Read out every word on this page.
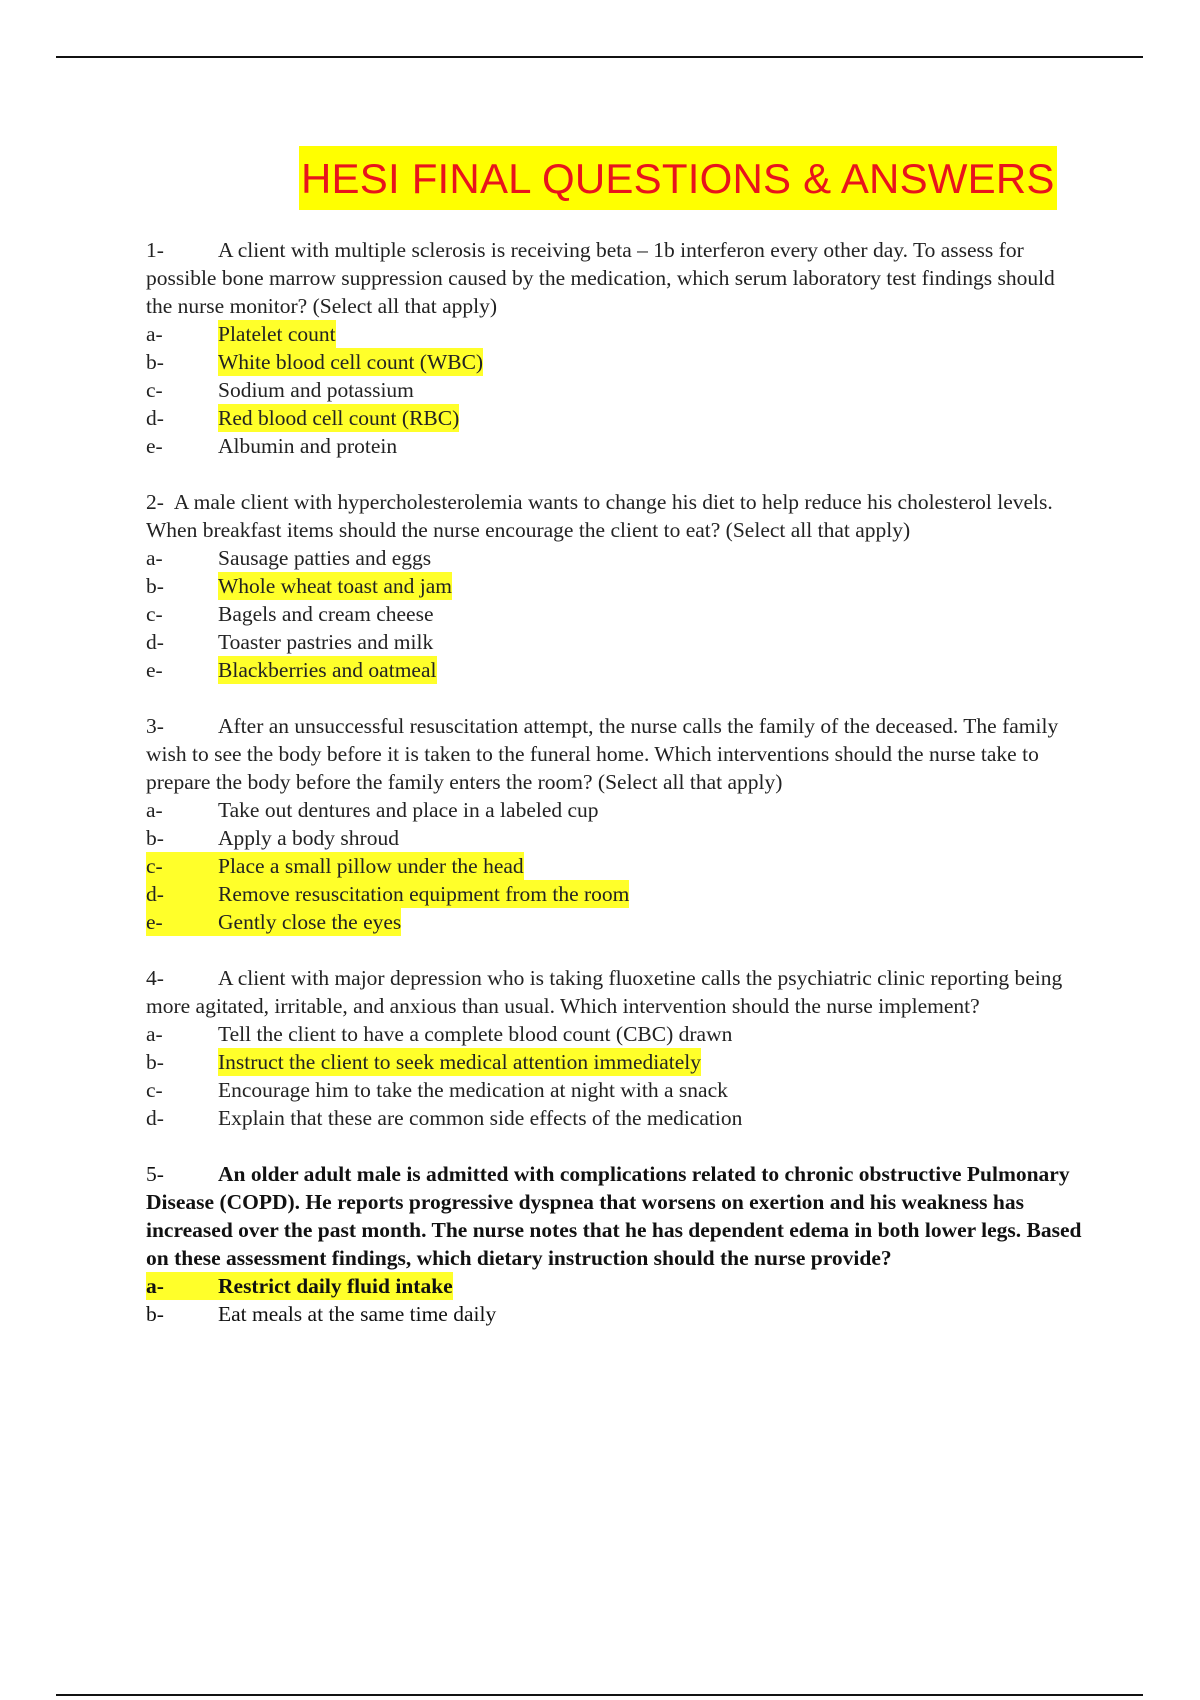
HESI FINAL QUESTIONS & ANSWERS
1-	A client with multiple sclerosis is receiving beta – 1b interferon every other day. To assess for possible bone marrow suppression caused by the medication, which serum laboratory test findings should the nurse monitor? (Select all that apply)
a-	Platelet count
b-	White blood cell count (WBC)
c-	Sodium and potassium
d-	Red blood cell count (RBC)
e-	Albumin and protein
2- A male client with hypercholesterolemia wants to change his diet to help reduce his cholesterol levels. When breakfast items should the nurse encourage the client to eat? (Select all that apply)
a-	Sausage patties and eggs
b-	Whole wheat toast and jam
c-	Bagels and cream cheese
d-	Toaster pastries and milk
e-	Blackberries and oatmeal
3-	After an unsuccessful resuscitation attempt, the nurse calls the family of the deceased. The family wish to see the body before it is taken to the funeral home. Which interventions should the nurse take to prepare the body before the family enters the room? (Select all that apply)
a-	Take out dentures and place in a labeled cup
b-	Apply a body shroud
c-	Place a small pillow under the head
d-	Remove resuscitation equipment from the room
e-	Gently close the eyes
4-	A client with major depression who is taking fluoxetine calls the psychiatric clinic reporting being more agitated, irritable, and anxious than usual. Which intervention should the nurse implement?
a-	Tell the client to have a complete blood count (CBC) drawn
b-	Instruct the client to seek medical attention immediately
c-	Encourage him to take the medication at night with a snack
d-	Explain that these are common side effects of the medication
5-	An older adult male is admitted with complications related to chronic obstructive Pulmonary Disease (COPD). He reports progressive dyspnea that worsens on exertion and his weakness has increased over the past month. The nurse notes that he has dependent edema in both lower legs. Based on these assessment findings, which dietary instruction should the nurse provide?
a-	Restrict daily fluid intake
b-	Eat meals at the same time daily
